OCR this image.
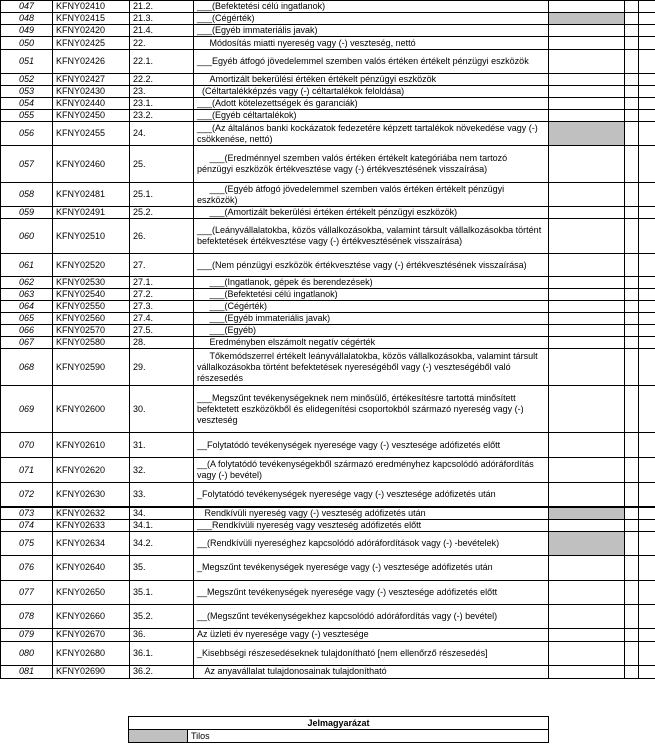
047	KFNY02410	21.2.	___(Befektetési célú ingatlanok)			
048	KFNY02415	21.3.	___(Cégérték)			
049	KFNY02420	21.4.	___(Egyéb immateriális javak)			
050	KFNY02425	22.	Módosítás miatti nyereség vagy (-) veszteség, nettó			
051	KFNY02426	22.1.	___Egyéb átfogó jövedelemmel szemben valós értéken értékelt pénzügyi eszközök			
052	KFNY02427	22.2.	Amortizált bekerülési értéken értékelt pénzügyi eszközök			
053	KFNY02430	23.	(Céltartalékképzés vagy (-) céltartalékok feloldása)			
054	KFNY02440	23.1.	___(Adott kötelezettségek és garanciák)			
055	KFNY02450	23.2.	___(Egyéb céltartalékok)			
056	KFNY02455	24.	___(Az általános banki kockázatok fedezetére képzett tartalékok növekedése vagy (-) csökkenése, nettó)			
057	KFNY02460	25.	___(Eredménnyel szemben valós értéken értékelt kategóriába nem tartozó pénzügyi eszközök értékvesztése vagy (-) értékvesztésének visszaírása)			
058	KFNY02481	25.1.	___(Egyéb átfogó jövedelemmel szemben valós értéken értékelt pénzügyi eszközök)			
059	KFNY02491	25.2.	___(Amortizált bekerülési értéken értékelt pénzügyi eszközök)			
060	KFNY02510	26.	___(Leányvállalatokba, közös vállalkozásokba, valamint társult vállalkozásokba történt befektetések értékvesztése vagy (-) értékvesztésének visszaírása)			
061	KFNY02520	27.	___(Nem pénzügyi eszközök értékvesztése vagy (-) értékvesztésének visszaírása)			
062	KFNY02530	27.1.	___(Ingatlanok, gépek és berendezések)			
063	KFNY02540	27.2.	___(Befektetési célú ingatlanok)			
064	KFNY02550	27.3.	___(Cégérték)			
065	KFNY02560	27.4.	___(Egyéb immateriális javak)			
066	KFNY02570	27.5.	___(Egyéb)			
067	KFNY02580	28.	Eredményben elszámolt negatív cégérték			
068	KFNY02590	29.	Tőkemódszerrel értékelt leányvállalatokba, közös vállalkozásokba, valamint társult vállalkozásokba történt befektetések nyereségéből vagy (-) veszteségéből való részesedés			
069	KFNY02600	30.	___Megszűnt tevékenységeknek nem minősülő, értékesítésre tartottá minősített befektetett eszközökből és elidegenítési csoportokból származó nyereség vagy (-) veszteség			
070	KFNY02610	31.	__Folytatódó tevékenységek nyeresége vagy (-) vesztesége adófizetés előtt			
071	KFNY02620	32.	__(A folytatódó tevékenységekből származó eredményhez kapcsolódó adóráfordítás vagy (-) bevétel)			
072	KFNY02630	33.	_Folytatódó tevékenységek nyeresége vagy (-) vesztesége adófizetés után			
073	KFNY02632	34.	Rendkívüli nyereség vagy (-) veszteség adófizetés után			
074	KFNY02633	34.1.	___Rendkívüli nyereség vagy veszteség adófizetés előtt			
075	KFNY02634	34.2.	__(Rendkívüli nyereséghez kapcsolódó adóráfordítások vagy (-) -bevételek)			
076	KFNY02640	35.	_Megszűnt tevékenységek nyeresége vagy (-) vesztesége adófizetés után			
077	KFNY02650	35.1.	__Megszűnt tevékenységek nyeresége vagy (-) vesztesége adófizetés előtt			
078	KFNY02660	35.2.	__(Megszűnt tevékenységekhez kapcsolódó adóráfordítás vagy (-) bevétel)			
079	KFNY02670	36.	Az üzleti év nyeresége vagy (-) vesztesége			
080	KFNY02680	36.1.	_Kisebbségi részesedéseknek tulajdonítható [nem ellenőrző részesedés]			
081	KFNY02690	36.2.	Az anyavállalat tulajdonosainak tulajdonítható			
Jelmagyarázat
	Tilos
